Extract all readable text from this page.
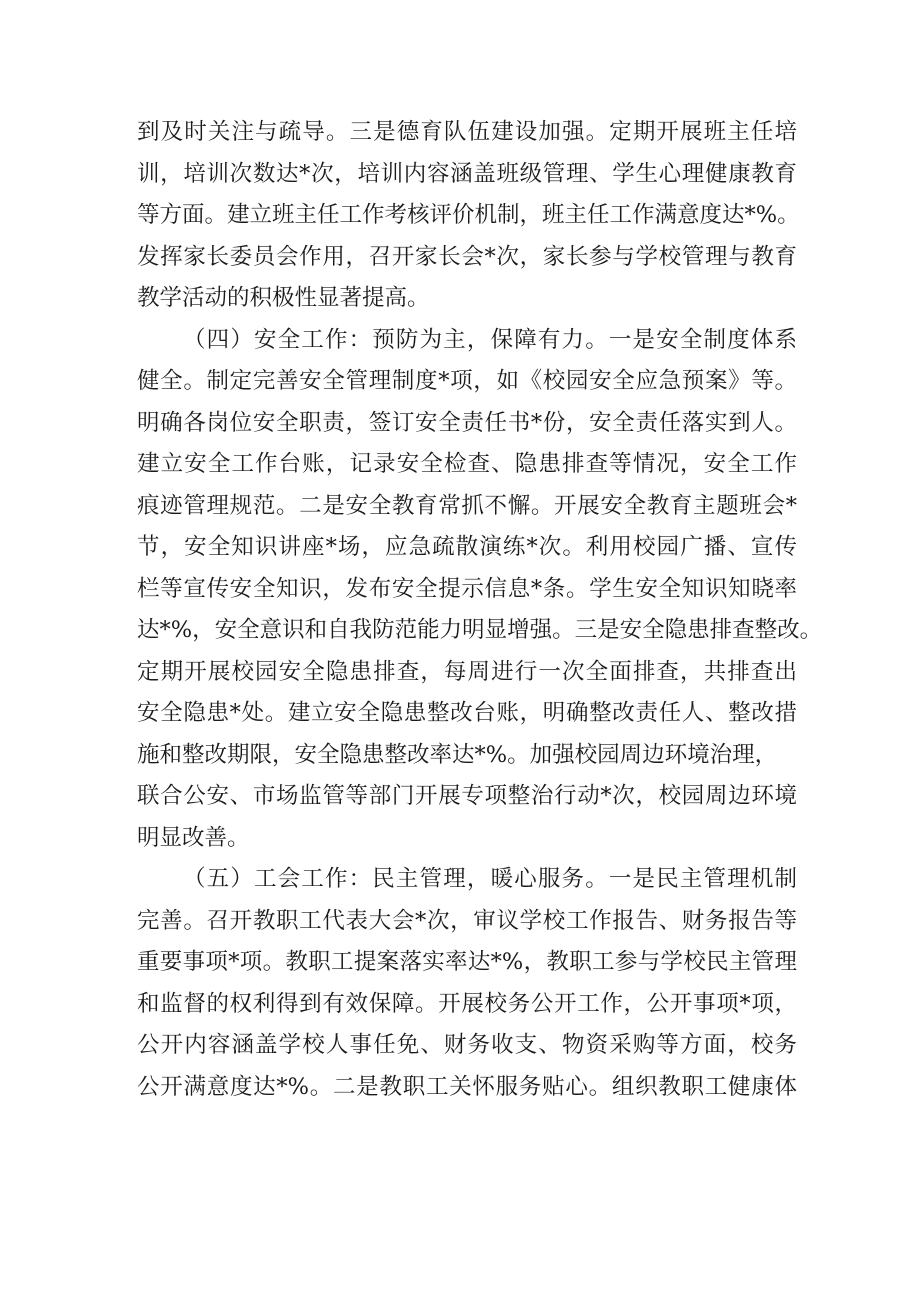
到及时关注与疏导。三是德育队伍建设加强。定期开展班主任培
训，培训次数达*次，培训内容涵盖班级管理、学生心理健康教育
等方面。建立班主任工作考核评价机制，班主任工作满意度达*%。
发挥家长委员会作用，召开家长会*次，家长参与学校管理与教育
教学活动的积极性显著提高。
（四）安全工作：预防为主，保障有力。一是安全制度体系
健全。制定完善安全管理制度*项，如《校园安全应急预案》等。
明确各岗位安全职责，签订安全责任书*份，安全责任落实到人。
建立安全工作台账，记录安全检查、隐患排查等情况，安全工作
痕迹管理规范。二是安全教育常抓不懈。开展安全教育主题班会*
节，安全知识讲座*场，应急疏散演练*次。利用校园广播、宣传
栏等宣传安全知识，发布安全提示信息*条。学生安全知识知晓率
达*%，安全意识和自我防范能力明显增强。三是安全隐患排查整改。
定期开展校园安全隐患排查，每周进行一次全面排查，共排查出
安全隐患*处。建立安全隐患整改台账，明确整改责任人、整改措
施和整改期限，安全隐患整改率达*%。加强校园周边环境治理，
联合公安、市场监管等部门开展专项整治行动*次，校园周边环境
明显改善。
（五）工会工作：民主管理，暖心服务。一是民主管理机制
完善。召开教职工代表大会*次，审议学校工作报告、财务报告等
重要事项*项。教职工提案落实率达*%，教职工参与学校民主管理
和监督的权利得到有效保障。开展校务公开工作，公开事项*项，
公开内容涵盖学校人事任免、财务收支、物资采购等方面，校务
公开满意度达*%。二是教职工关怀服务贴心。组织教职工健康体
